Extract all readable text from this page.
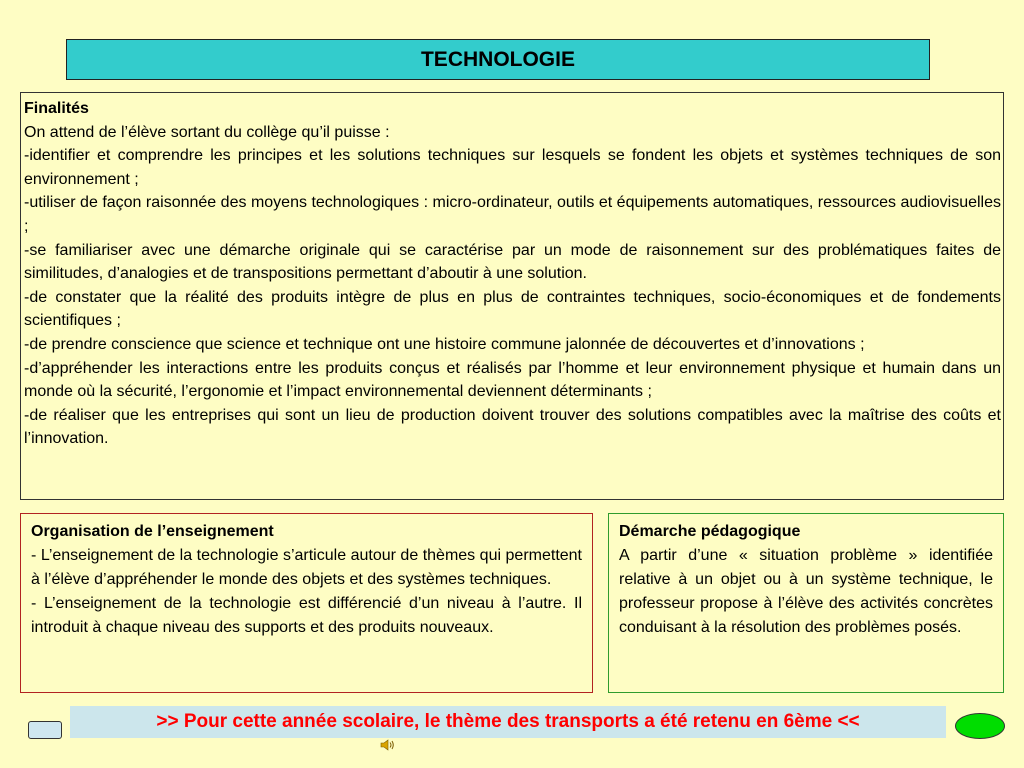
TECHNOLOGIE

Finalités

On attend de l’élève sortant du collège qu’il puisse :

-identifier et comprendre les principes et les solutions techniques sur lesquels se fondent les objets et systèmes techniques de son environnement ;

-utiliser de façon raisonnée des moyens technologiques : micro-ordinateur, outils et équipements automatiques, ressources audiovisuelles ;

-se familiariser avec une démarche originale qui se caractérise par un mode de raisonnement sur des problématiques faites de similitudes, d’analogies et de transpositions permettant d’aboutir à une solution.

-de constater que la réalité des produits intègre de plus en plus de contraintes techniques, socio-économiques et de fondements scientifiques ;

-de prendre conscience que science et technique ont une histoire commune jalonnée de découvertes et d’innovations ;

-d’appréhender les interactions entre les produits conçus et réalisés par l’homme et leur environnement physique et humain dans un monde où la sécurité, l’ergonomie et l’impact environnemental deviennent déterminants ;

-de réaliser que les entreprises qui sont un lieu de production doivent trouver des solutions compatibles avec la maîtrise des coûts et l’innovation.

Organisation de l’enseignement

- L’enseignement de la technologie s’articule autour de thèmes qui permettent à l’élève d’appréhender le monde des objets et des systèmes techniques.

- L’enseignement de la technologie est différencié d’un niveau à l’autre. Il introduit à chaque niveau des supports et des produits nouveaux.

Démarche pédagogique

A partir d’une « situation problème » identifiée relative à un objet ou à un système technique, le professeur propose à l’élève des activités concrètes conduisant à la résolution des problèmes posés.

>> Pour cette année scolaire, le thème des transports a été retenu en 6ème <<
